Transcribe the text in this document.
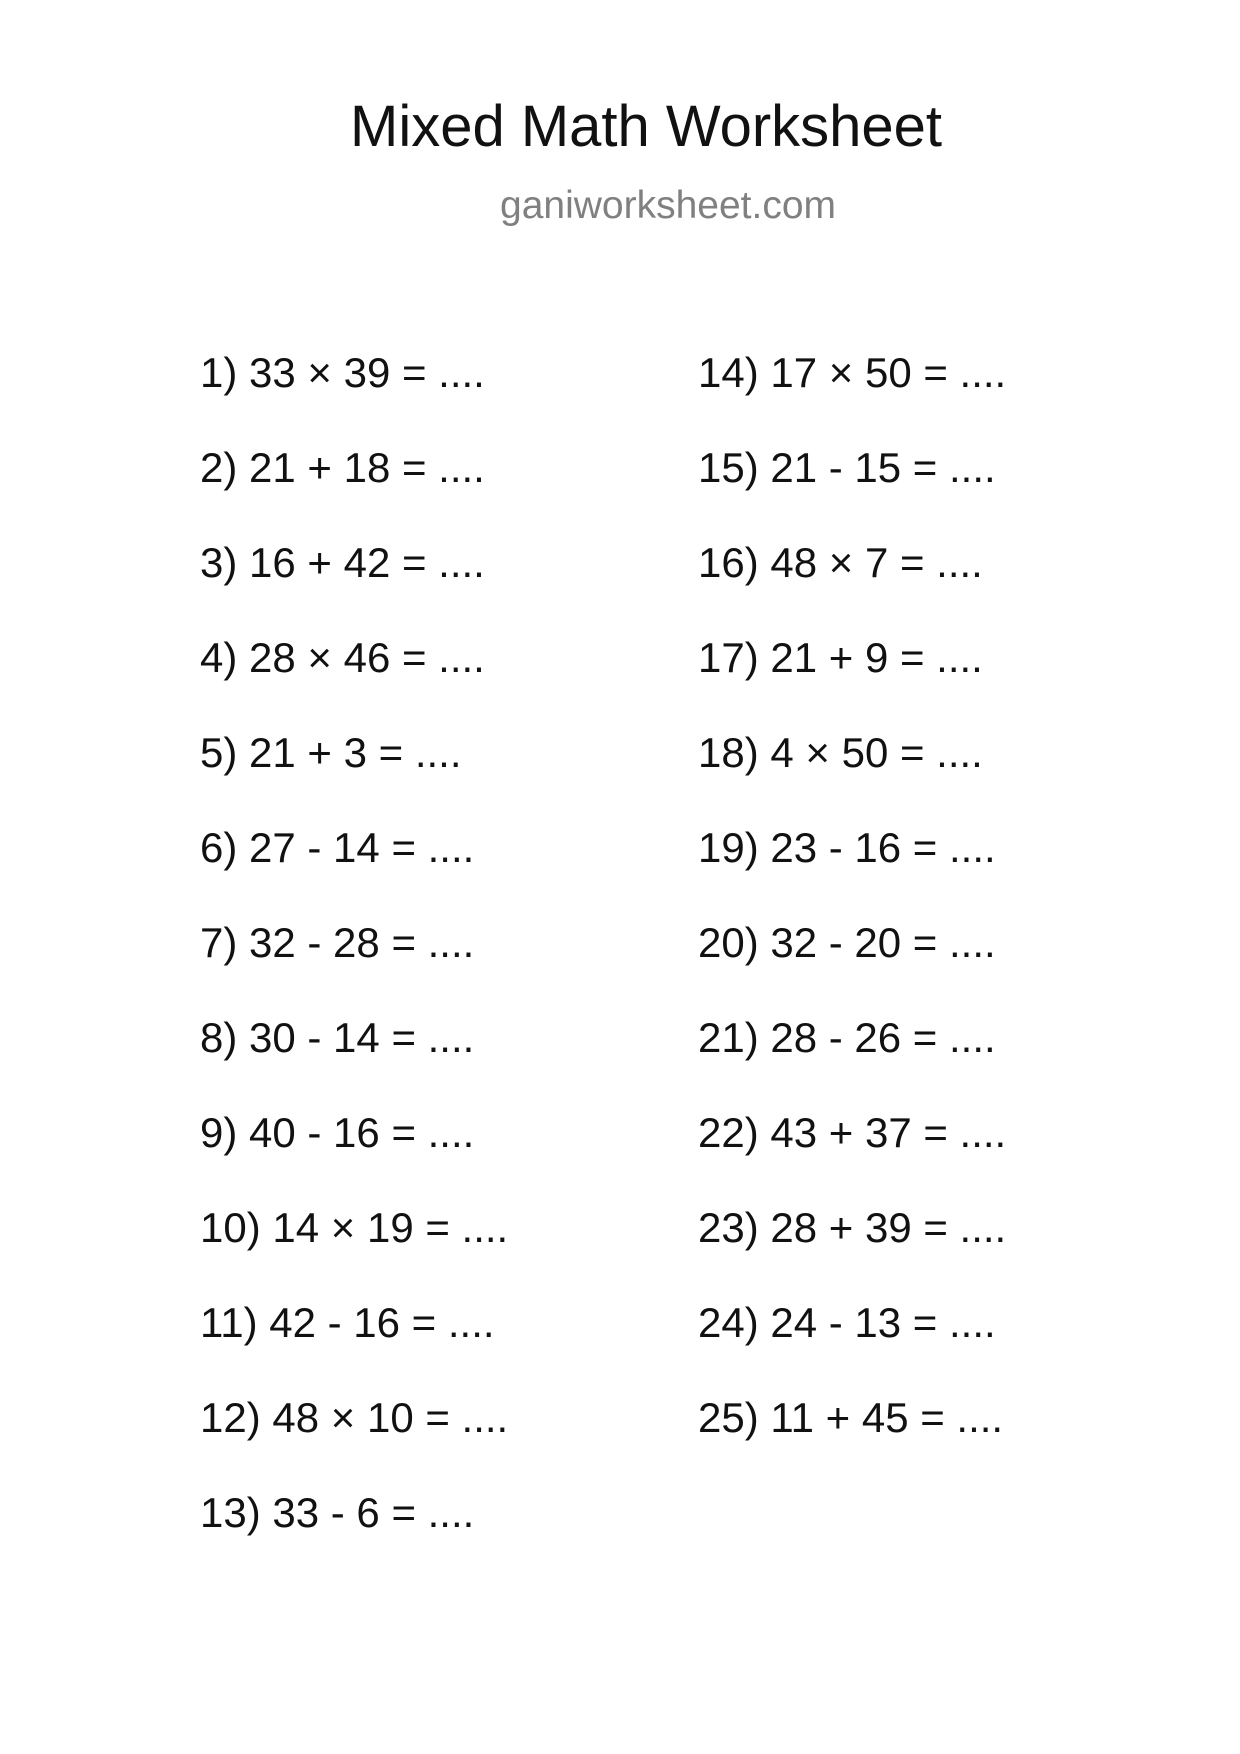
Mixed Math Worksheet
ganiworksheet.com
1) 33 × 39 = ....
2) 21 + 18 = ....
3) 16 + 42 = ....
4) 28 × 46 = ....
5) 21 + 3 = ....
6) 27 - 14 = ....
7) 32 - 28 = ....
8) 30 - 14 = ....
9) 40 - 16 = ....
10) 14 × 19 = ....
11) 42 - 16 = ....
12) 48 × 10 = ....
13) 33 - 6 = ....
14) 17 × 50 = ....
15) 21 - 15 = ....
16) 48 × 7 = ....
17) 21 + 9 = ....
18) 4 × 50 = ....
19) 23 - 16 = ....
20) 32 - 20 = ....
21) 28 - 26 = ....
22) 43 + 37 = ....
23) 28 + 39 = ....
24) 24 - 13 = ....
25) 11 + 45 = ....
